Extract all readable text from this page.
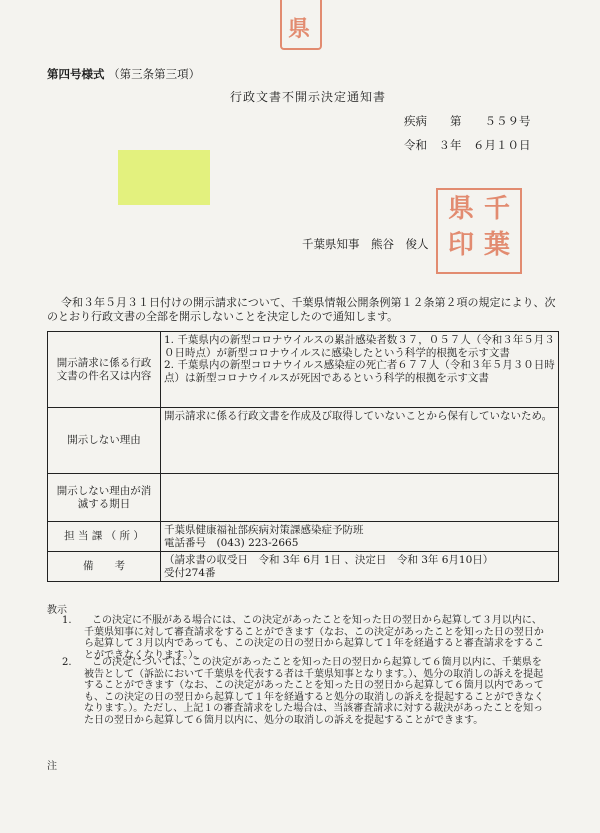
県
千
葉
県
印
第四号様式 （第三条第三項）
行政文書不開示決定通知書
疾病　　第　　５５９号
令和　３年　６月１０日
千葉県知事　熊谷　俊人
令和３年５月３１日付けの開示請求について、千葉県情報公開条例第１２条第２項の規定により、次のとおり行政文書の全部を開示しないことを決定したので通知します。
開示請求に係る行政文書の件名又は内容	1. 千葉県内の新型コロナウイルスの累計感染者数３７，０５７人（令和３年５月３０日時点）が新型コロナウイルスに感染したという科学的根拠を示す文書
2. 千葉県内の新型コロナウイルス感染症の死亡者６７７人（令和３年５月３０日時点）は新型コロナウイルスが死因であるという科学的根拠を示す文書

開示しない理由	開示請求に係る行政文書を作成及び取得していないことから保有していないため。
開示しない理由が消滅する期日	
担 当 課 （ 所 ）	千葉県健康福祉部疾病対策課感染症予防班
電話番号　(043) 223-2665

備　　考	（請求書の収受日　令和 3年 6月 1日 、決定日　令和 3年 6月10日）
受付274番
教示
1.	この決定に不服がある場合には、この決定があったことを知った日の翌日から起算して３月以内に、千葉県知事に対して審査請求をすることができます（なお、この決定があったことを知った日の翌日から起算して３月以内であっても、この決定の日の翌日から起算して１年を経過すると審査請求をすることができなくなります。）。
2.	この決定については、この決定があったことを知った日の翌日から起算して６箇月以内に、千葉県を被告として（訴訟において千葉県を代表する者は千葉県知事となります。）、処分の取消しの訴えを提起することができます（なお、この決定があったことを知った日の翌日から起算して６箇月以内であっても、この決定の日の翌日から起算して１年を経過すると処分の取消しの訴えを提起することができなくなります。）。ただし、上記１の審査請求をした場合は、当該審査請求に対する裁決があったことを知った日の翌日から起算して６箇月以内に、処分の取消しの訴えを提起することができます。
注
